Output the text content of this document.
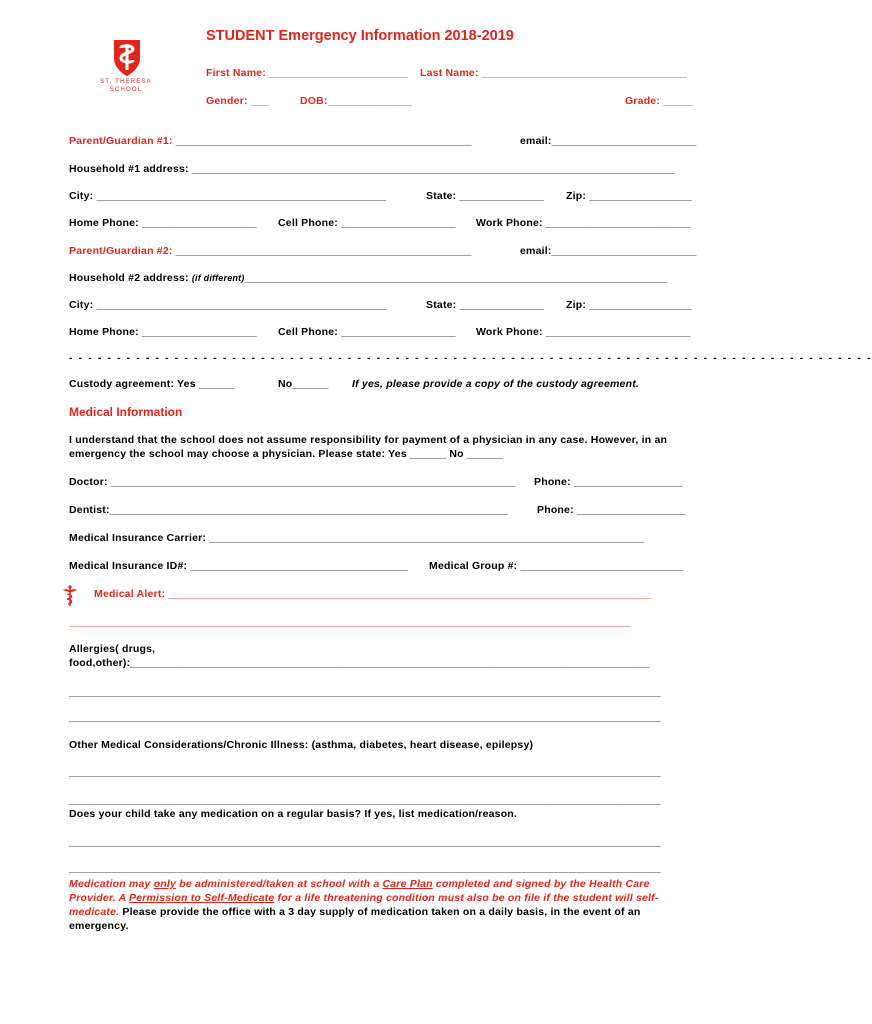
ST. THERESA
SCHOOL
STUDENT Emergency Information 2018-2019
First Name: _______________________ Last Name: __________________________________
Gender: ___	DOB:______________	Grade: _____
Parent/Guardian #1: _________________________________________________	email:________________________
Household #1 address: ________________________________________________________________________________
City: ________________________________________________	State: ______________ Zip: _________________
Home Phone: ___________________ Cell Phone: ___________________ Work Phone: ________________________
Parent/Guardian #2: _________________________________________________	email:________________________
Household #2 address: (if different)______________________________________________________________________
City: ________________________________________________	State: ______________ Zip: _________________
Home Phone: ___________________ Cell Phone: ___________________ Work Phone: ________________________
- - - - - - - - - - - - - - - - - - - - - - - - - - - - - - - - - - - - - - - - - - - - - - - - - - - - - - - - - - - - - - - - - - - - - - - - - - - - - - - - - - - -
Custody agreement: Yes ______	No______ If yes, please provide a copy of the custody agreement.
Medical Information
I understand that the school does not assume responsibility for payment of a physician in any case. However, in an emergency the school may choose a physician. Please state: Yes ______ No ______
Doctor: ___________________________________________________________________ Phone: __________________
Dentist:__________________________________________________________________	Phone: __________________
Medical Insurance Carrier: ________________________________________________________________________
Medical Insurance ID#: ____________________________________ Medical Group #: ___________________________
Medical Alert: ________________________________________________________________________________
_____________________________________________________________________________________________
Allergies( drugs,
food,other):______________________________________________________________________________________
__________________________________________________________________________________________________
__________________________________________________________________________________________________
Other Medical Considerations/Chronic Illness: (asthma, diabetes, heart disease, epilepsy)
__________________________________________________________________________________________________
__________________________________________________________________________________________________
Does your child take any medication on a regular basis? If yes, list medication/reason.
__________________________________________________________________________________________________
__________________________________________________________________________________________________
Medication may only be administered/taken at school with a Care Plan completed and signed by the Health Care Provider. A Permission to Self-Medicate for a life threatening condition must also be on file if the student will self-medicate. Please provide the office with a 3 day supply of medication taken on a daily basis, in the event of an emergency.
